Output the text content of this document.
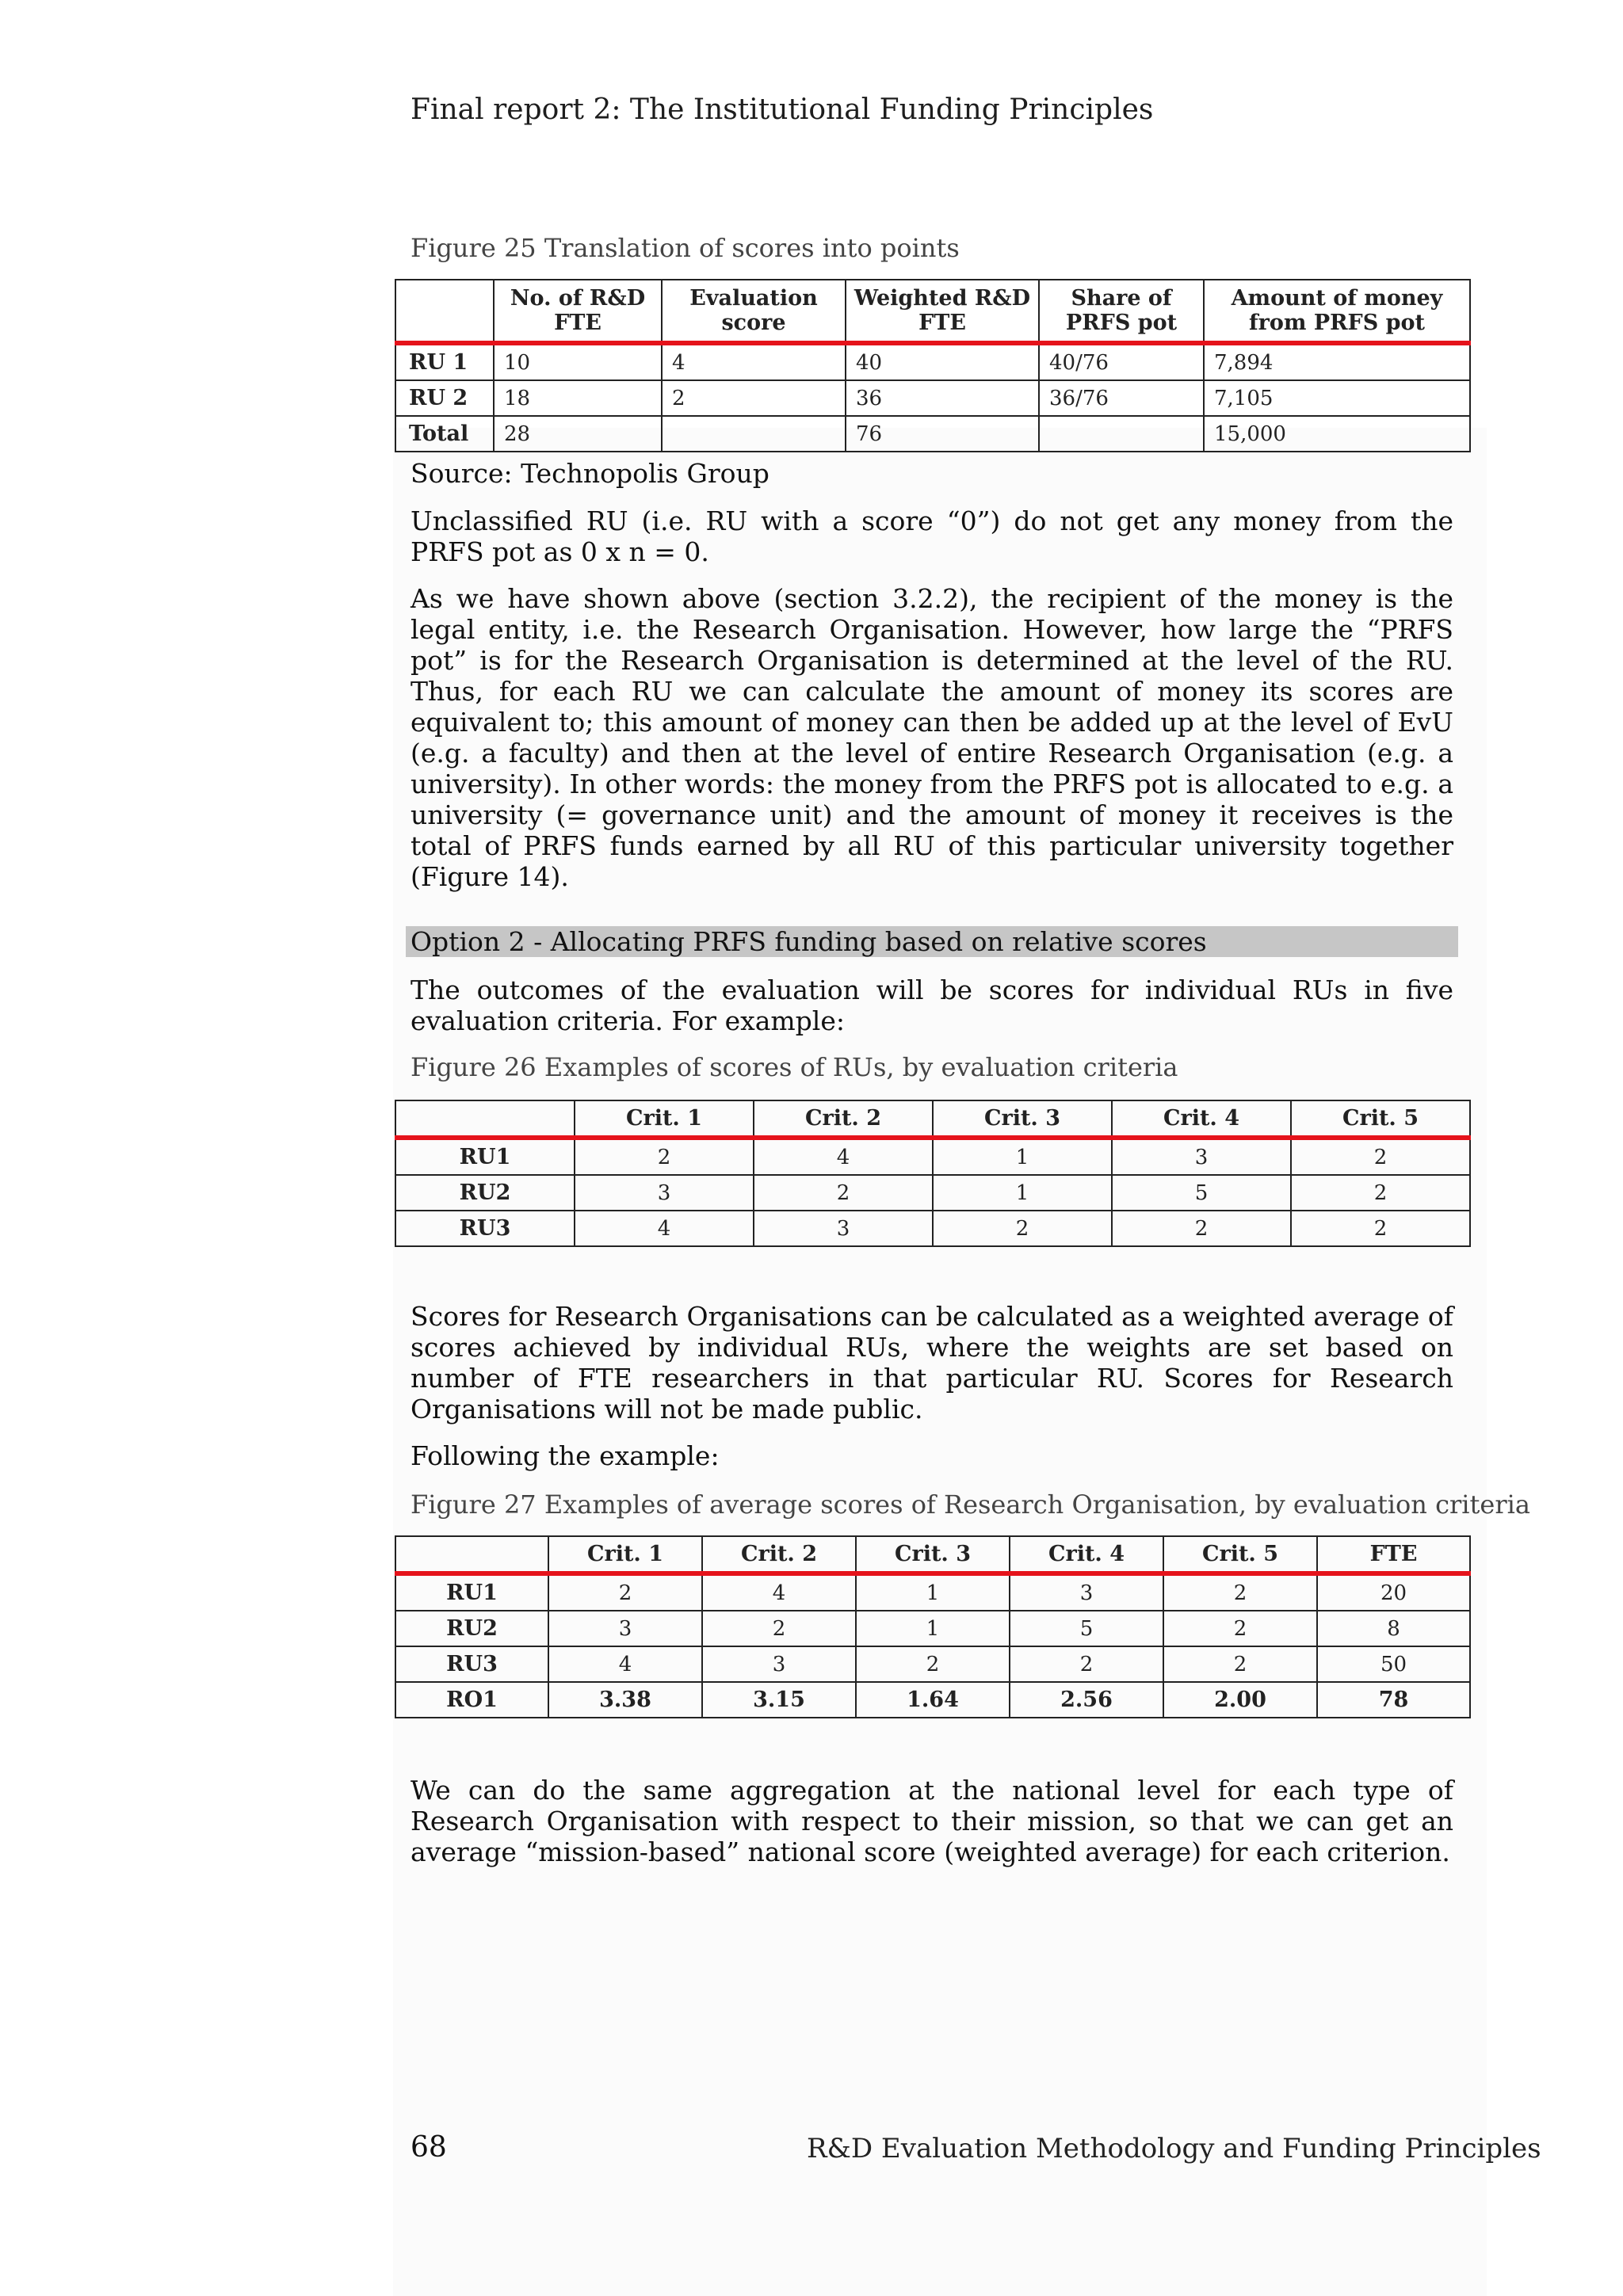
Final report 2: The Institutional Funding Principles
Figure 25 Translation of scores into points
	No. of R&D FTE	Evaluation score	Weighted R&D FTE	Share of PRFS pot	Amount of money from PRFS pot
RU 1	10	4	40	40/76	7,894
RU 2	18	2	36	36/76	7,105
Total	28		76		15,000
Source: Technopolis Group
Unclassified RU (i.e. RU with a score “0”) do not get any money from the PRFS pot as 0 x n = 0.
As we have shown above (section 3.2.2), the recipient of the money is the legal entity, i.e. the Research Organisation. However, how large the “PRFS pot” is for the Research Organisation is determined at the level of the RU. Thus, for each RU we can calculate the amount of money its scores are equivalent to; this amount of money can then be added up at the level of EvU (e.g. a faculty) and then at the level of entire Research Organisation (e.g. a university). In other words: the money from the PRFS pot is allocated to e.g. a university (= governance unit) and the amount of money it receives is the total of PRFS funds earned by all RU of this particular university together (Figure 14).
Option 2 - Allocating PRFS funding based on relative scores
The outcomes of the evaluation will be scores for individual RUs in five evaluation criteria. For example:
Figure 26 Examples of scores of RUs, by evaluation criteria
	Crit. 1	Crit. 2	Crit. 3	Crit. 4	Crit. 5
RU1	2	4	1	3	2
RU2	3	2	1	5	2
RU3	4	3	2	2	2
Scores for Research Organisations can be calculated as a weighted average of scores achieved by individual RUs, where the weights are set based on number of FTE researchers in that particular RU. Scores for Research Organisations will not be made public.
Following the example:
Figure 27 Examples of average scores of Research Organisation, by evaluation criteria
	Crit. 1	Crit. 2	Crit. 3	Crit. 4	Crit. 5	FTE
RU1	2	4	1	3	2	20
RU2	3	2	1	5	2	8
RU3	4	3	2	2	2	50
RO1	3.38	3.15	1.64	2.56	2.00	78
We can do the same aggregation at the national level for each type of Research Organisation with respect to their mission, so that we can get an average “mission-based” national score (weighted average) for each criterion.
68	R&D Evaluation Methodology and Funding Principles
